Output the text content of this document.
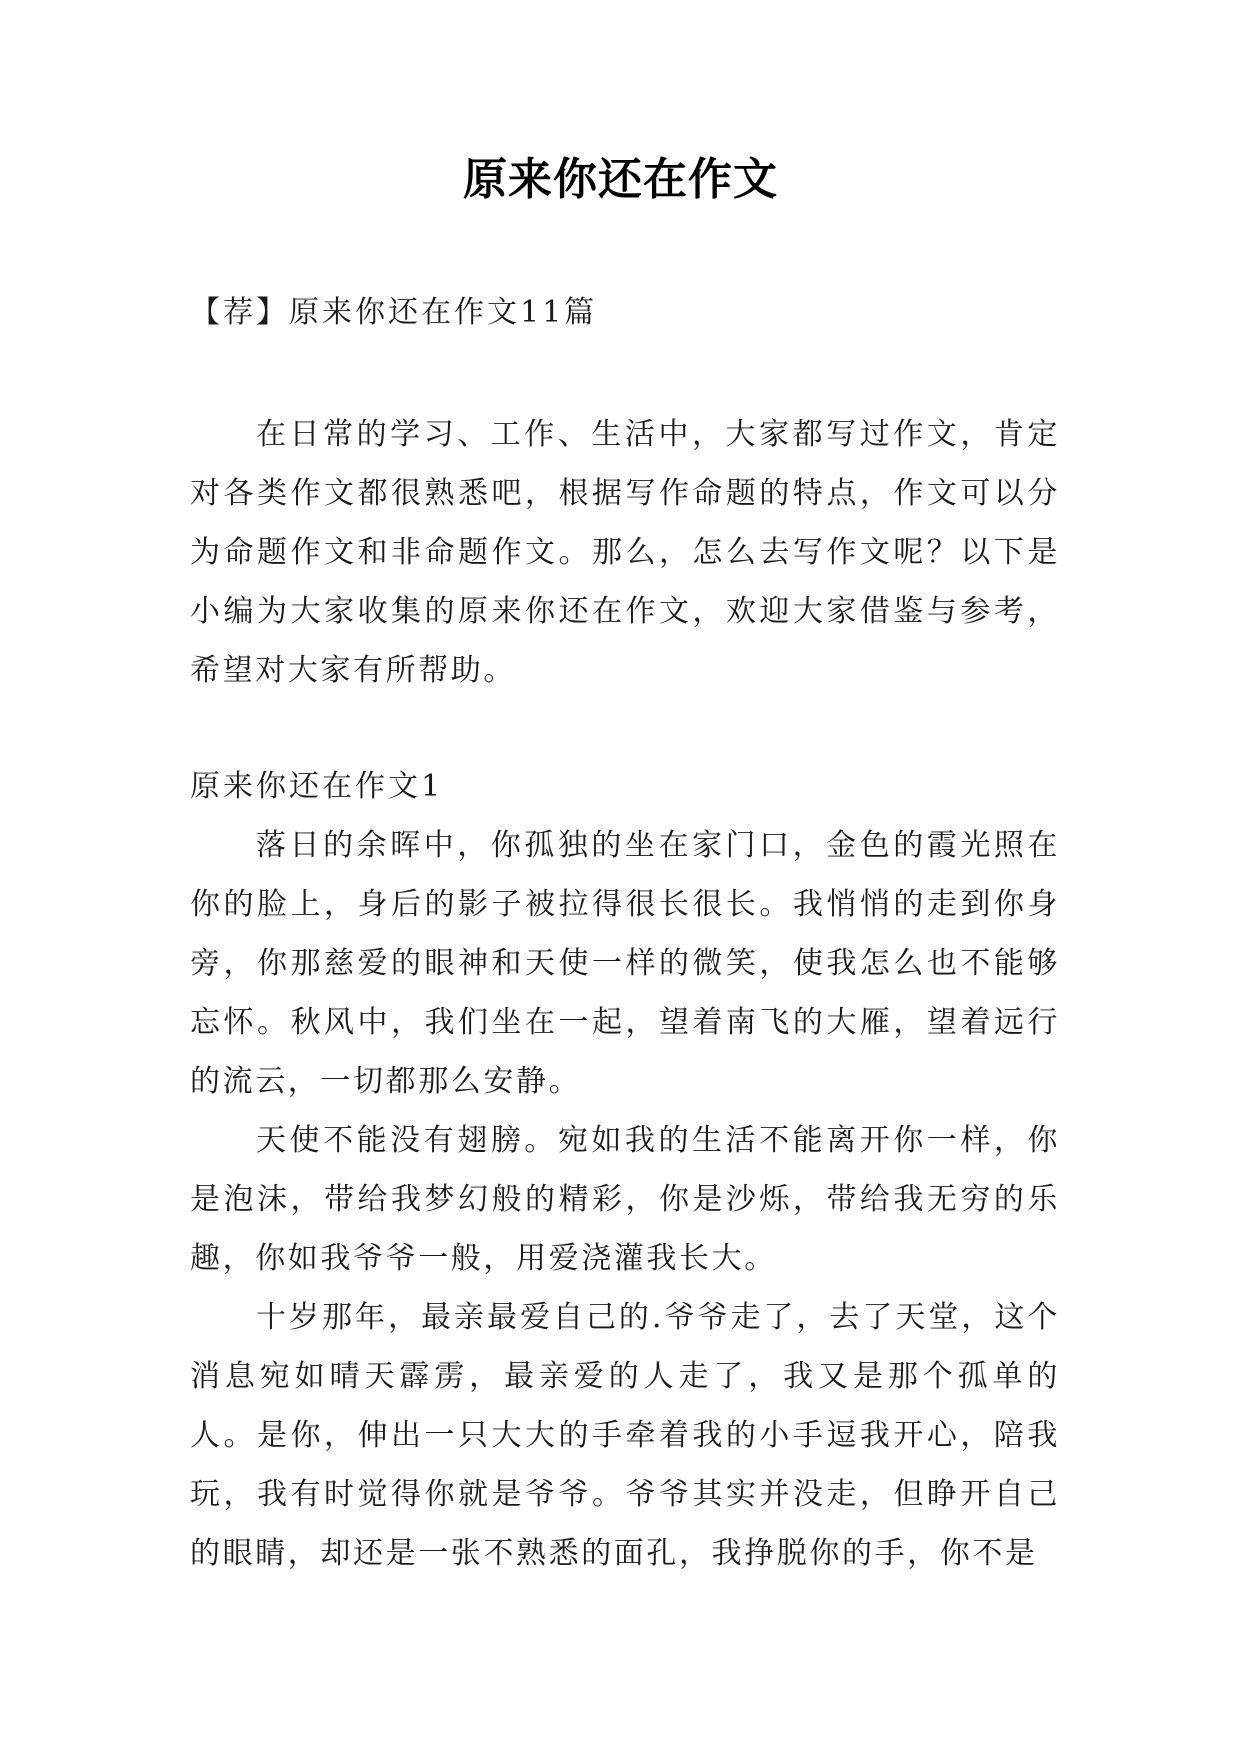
原来你还在作文
【荐】原来你还在作文11篇

在日常的学习、工作、生活中，大家都写过作文，肯定对各类作文都很熟悉吧，根据写作命题的特点，作文可以分为命题作文和非命题作文。那么，怎么去写作文呢？以下是小编为大家收集的原来你还在作文，欢迎大家借鉴与参考，希望对大家有所帮助。

原来你还在作文1

落日的余晖中，你孤独的坐在家门口，金色的霞光照在你的脸上，身后的影子被拉得很长很长。我悄悄的走到你身旁，你那慈爱的眼神和天使一样的微笑，使我怎么也不能够忘怀。秋风中，我们坐在一起，望着南飞的大雁，望着远行的流云，一切都那么安静。

天使不能没有翅膀。宛如我的生活不能离开你一样，你是泡沫，带给我梦幻般的精彩，你是沙烁，带给我无穷的乐趣，你如我爷爷一般，用爱浇灌我长大。

十岁那年，最亲最爱自己的.爷爷走了，去了天堂，这个消息宛如晴天霹雳，最亲爱的人走了，我又是那个孤单的人。是你，伸出一只大大的手牵着我的小手逗我开心，陪我玩，我有时觉得你就是爷爷。爷爷其实并没走，但睁开自己的眼睛，却还是一张不熟悉的面孔，我挣脱你的手，你不是
